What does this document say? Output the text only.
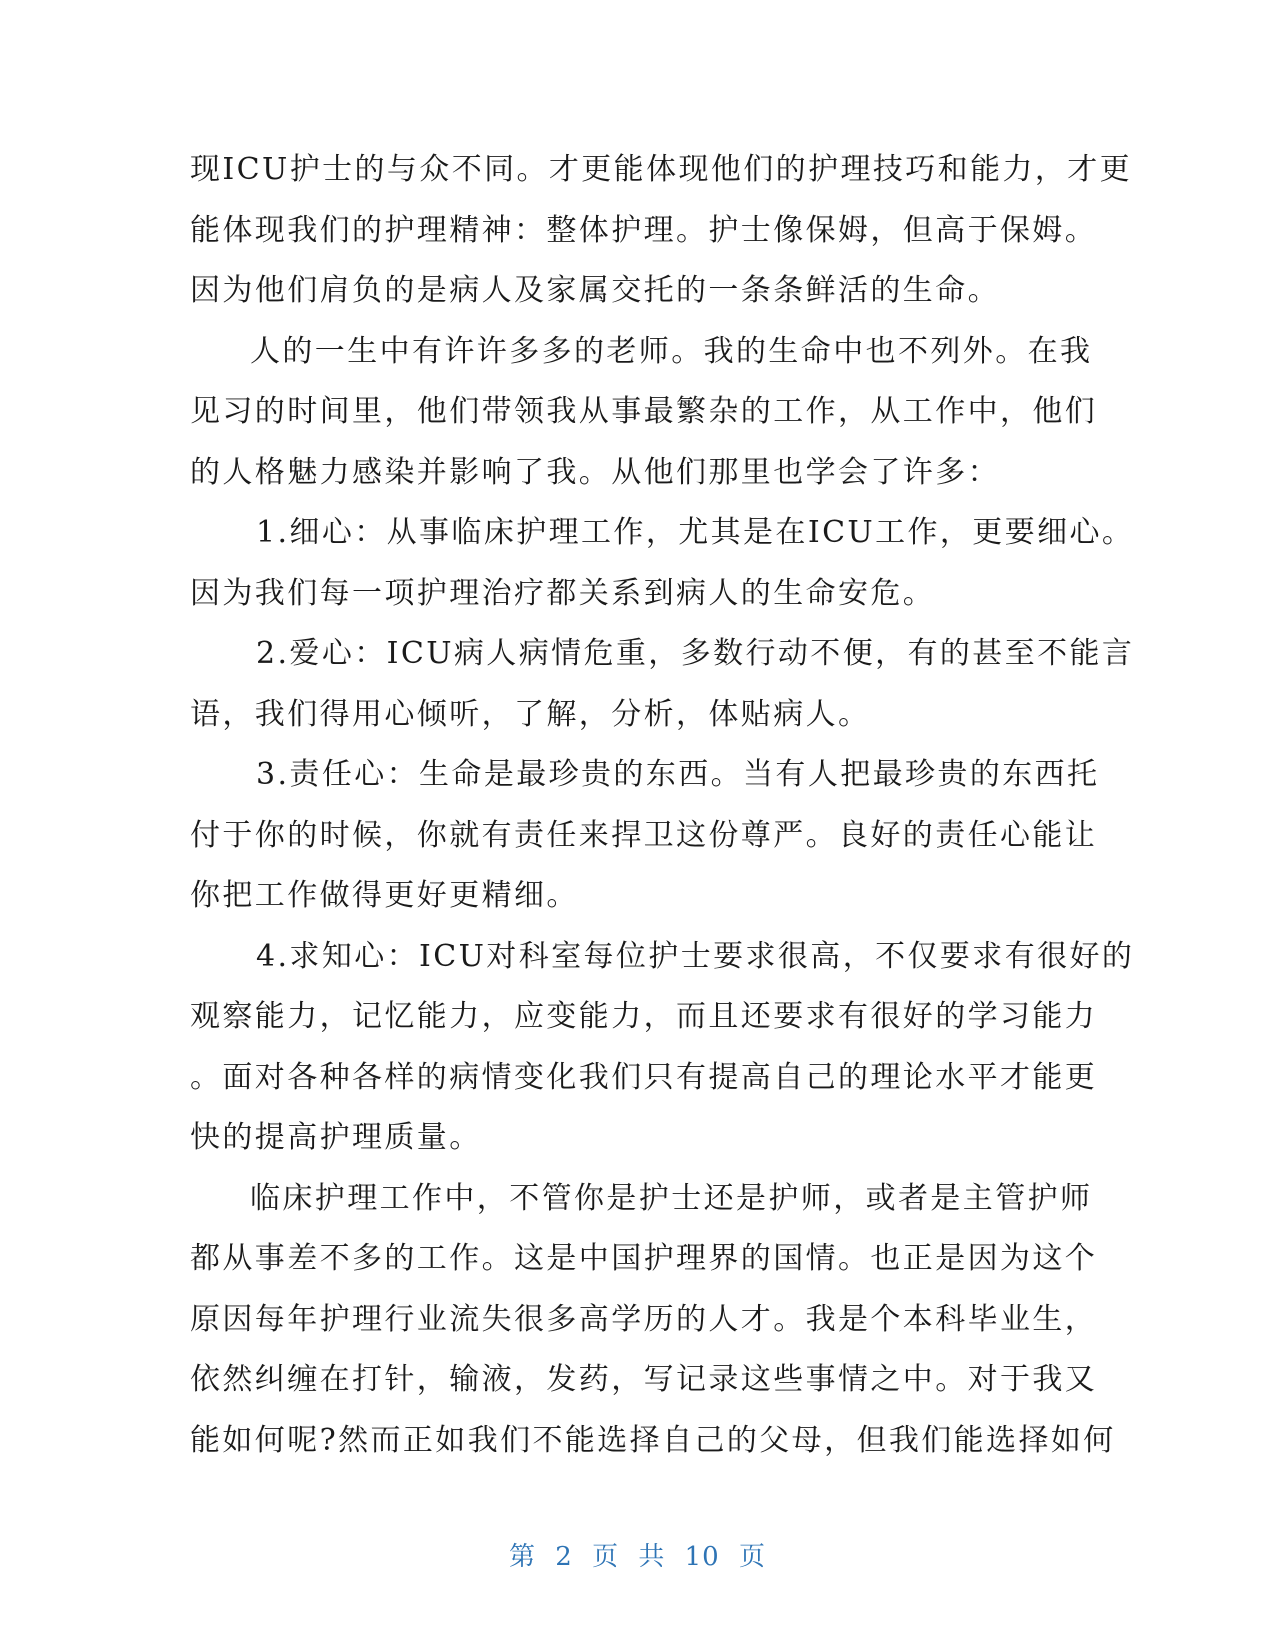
现ICU护士的与众不同。才更能体现他们的护理技巧和能力，才更
能体现我们的护理精神：整体护理。护士像保姆，但高于保姆。
因为他们肩负的是病人及家属交托的一条条鲜活的生命。
人的一生中有许许多多的老师。我的生命中也不列外。在我
见习的时间里，他们带领我从事最繁杂的工作，从工作中，他们
的人格魅力感染并影响了我。从他们那里也学会了许多：
1.细心：从事临床护理工作，尤其是在ICU工作，更要细心。
因为我们每一项护理治疗都关系到病人的生命安危。
2.爱心：ICU病人病情危重，多数行动不便，有的甚至不能言
语，我们得用心倾听，了解，分析，体贴病人。
3.责任心：生命是最珍贵的东西。当有人把最珍贵的东西托
付于你的时候，你就有责任来捍卫这份尊严。良好的责任心能让
你把工作做得更好更精细。
4.求知心：ICU对科室每位护士要求很高，不仅要求有很好的
观察能力，记忆能力，应变能力，而且还要求有很好的学习能力
。面对各种各样的病情变化我们只有提高自己的理论水平才能更
快的提高护理质量。
临床护理工作中，不管你是护士还是护师，或者是主管护师
都从事差不多的工作。这是中国护理界的国情。也正是因为这个
原因每年护理行业流失很多高学历的人才。我是个本科毕业生，
依然纠缠在打针，输液，发药，写记录这些事情之中。对于我又
能如何呢?然而正如我们不能选择自己的父母，但我们能选择如何
第 2 页 共 10 页
